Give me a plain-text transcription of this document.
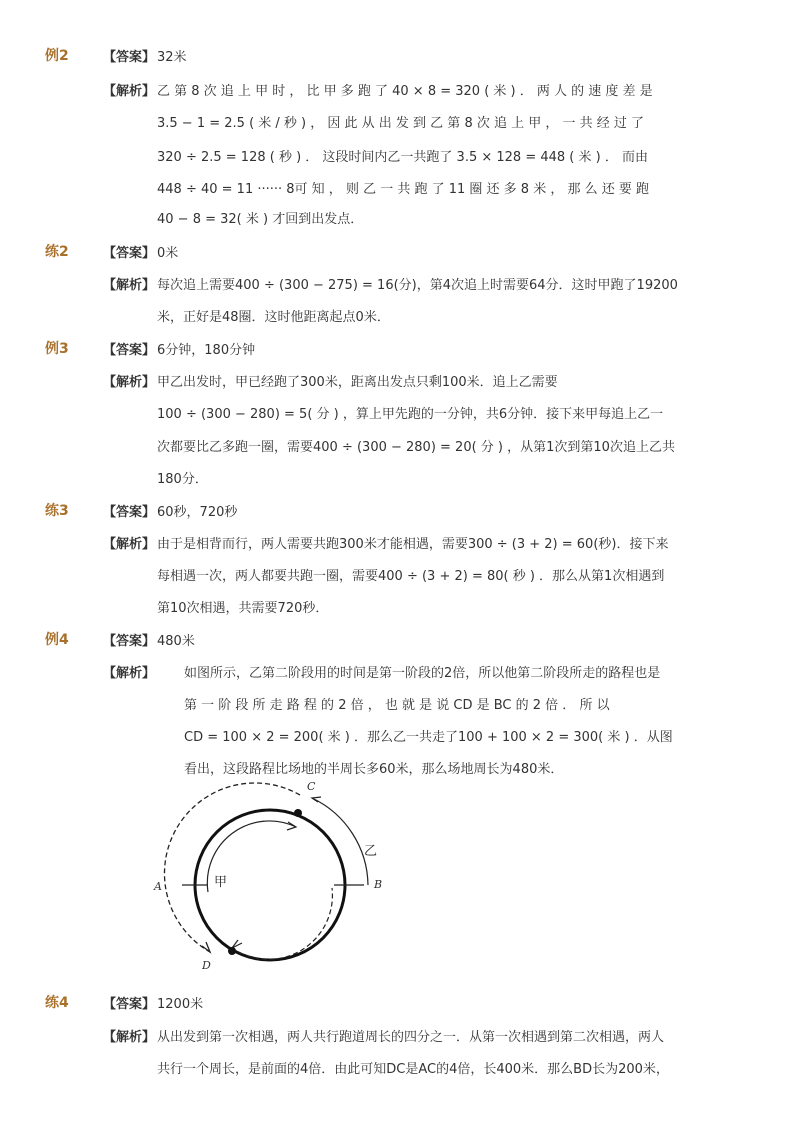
例2	【答案】 32米
【解析】 乙 第 8 次 追 上 甲 时 ， 比 甲 多 跑 了 40 × 8 = 320 ( 米 ) ． 两 人 的 速 度 差 是
3.5 − 1 = 2.5 ( 米 / 秒 ) ， 因 此 从 出 发 到 乙 第 8 次 追 上 甲 ， 一 共 经 过 了
320 ÷ 2.5 = 128 ( 秒 ) ． 这段时间内乙一共跑了 3.5 × 128 = 448 ( 米 ) ． 而由
448 ÷ 40 = 11 ······ 8可 知 ， 则 乙 一 共 跑 了 11 圈 还 多 8 米 ， 那 么 还 要 跑
40 − 8 = 32( 米 ) 才回到出发点．
练2	【答案】 0米
【解析】 每次追上需要400 ÷ (300 − 275) = 16(分)，第4次追上时需要64分．这时甲跑了19200
米，正好是48圈．这时他距离起点0米．
例3	【答案】 6分钟，180分钟
【解析】 甲乙出发时，甲已经跑了300米，距离出发点只剩100米．追上乙需要
100 ÷ (300 − 280) = 5( 分 ) ，算上甲先跑的一分钟，共6分钟．接下来甲每追上乙一
次都要比乙多跑一圈，需要400 ÷ (300 − 280) = 20( 分 ) ，从第1次到第10次追上乙共
180分．
练3	【答案】 60秒，720秒
【解析】 由于是相背而行，两人需要共跑300米才能相遇，需要300 ÷ (3 + 2) = 60(秒)．接下来
每相遇一次，两人都要共跑一圈，需要400 ÷ (3 + 2) = 80( 秒 ) ．那么从第1次相遇到
第10次相遇，共需要720秒．
例4	【答案】 480米
【解析】 如图所示，乙第二阶段用的时间是第一阶段的2倍，所以他第二阶段所走的路程也是
第 一 阶 段 所 走 路 程 的 2 倍 ， 也 就 是 说 CD 是 BC 的 2 倍 ． 所 以
CD = 100 × 2 = 200( 米 ) ．那么乙一共走了100 + 100 × 2 = 300( 米 ) ．从图
看出，这段路程比场地的半周长多60米，那么场地周长为480米．
C
A	B
D
甲
乙
练4	【答案】 1200米
【解析】 从出发到第一次相遇，两人共行跑道周长的四分之一．从第一次相遇到第二次相遇，两人
共行一个周长，是前面的4倍．由此可知DC是AC的4倍，长400米．那么BD长为200米，
